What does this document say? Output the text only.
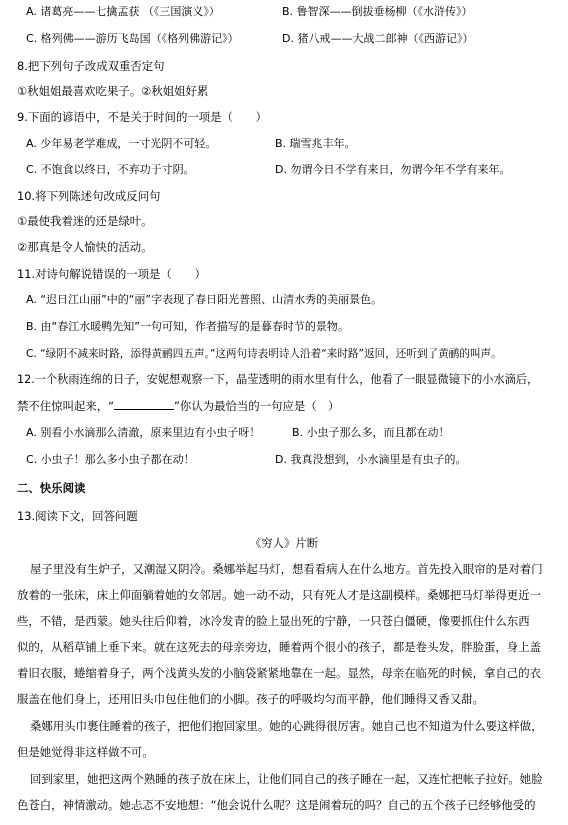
A. 诸葛亮——七擒孟获 （《三国演义》）	B. 鲁智深——倒拔垂杨柳（《水浒传》）
C. 格列佛——游历飞岛国（《格列佛游记》）	D. 猪八戒——大战二郎神（《西游记》）
8.把下列句子改成双重否定句
①秋姐姐最喜欢吃果子。②秋姐姐好累
9.下面的谚语中，不是关于时间的一项是（　　）
A. 少年易老学难成，一寸光阴不可轻。	B. 瑞雪兆丰年。
C. 不饱食以终日，不弃功于寸阴。	D. 勿谓今日不学有来日，勿谓今年不学有来年。
10.将下列陈述句改成反问句
①最使我着迷的还是绿叶。
②那真是令人愉快的活动。
11.对诗句解说错误的一项是（　　）
A. “迟日江山丽”中的“丽”字表现了春日阳光普照、山清水秀的美丽景色。
B. 由“春江水暖鸭先知”一句可知，作者描写的是暮春时节的景物。
C. “绿阴不减来时路，添得黄鹂四五声。”这两句诗表明诗人沿着“来时路”返回，还听到了黄鹂的叫声。
12.一个秋雨连绵的日子，安妮想观察一下，晶莹透明的雨水里有什么，他看了一眼显微镜下的小水滴后，
禁不住惊叫起来，“	”你认为最恰当的一句应是（　）
A. 别看小水滴那么清澈，原来里边有小虫子呀！	B. 小虫子那么多，而且都在动！
C. 小虫子！那么多小虫子都在动！	D. 我真没想到，小水滴里是有虫子的。
二、快乐阅读
13.阅读下文，回答问题
《穷人》片断
屋子里没有生炉子，又潮湿又阴冷。桑娜举起马灯，想看看病人在什么地方。首先投入眼帘的是对着门
放着的一张床，床上仰面躺着她的女邻居。她一动不动，只有死人才是这副模样。桑娜把马灯举得更近一
些，不错，是西蒙。她头往后仰着，冰冷发青的脸上显出死的宁静，一只苍白僵硬，像要抓住什么东西
似的，从稻草铺上垂下来。就在这死去的母亲旁边，睡着两个很小的孩子，都是卷头发，胖脸蛋，身上盖
着旧衣服，蜷缩着身子，两个浅黄头发的小脑袋紧紧地靠在一起。显然，母亲在临死的时候，拿自己的衣
服盖在他们身上，还用旧头巾包住他们的小脚。孩子的呼吸均匀而平静，他们睡得又香又甜。
桑娜用头巾裹住睡着的孩子，把他们抱回家里。她的心跳得很厉害。她自己也不知道为什么要这样做，
但是她觉得非这样做不可。
回到家里，她把这两个熟睡的孩子放在床上，让他们同自己的孩子睡在一起，又连忙把帐子拉好。她脸
色苍白，神情激动。她忐忑不安地想：“他会说什么呢？这是闹着玩的吗？自己的五个孩子已经够他受的
